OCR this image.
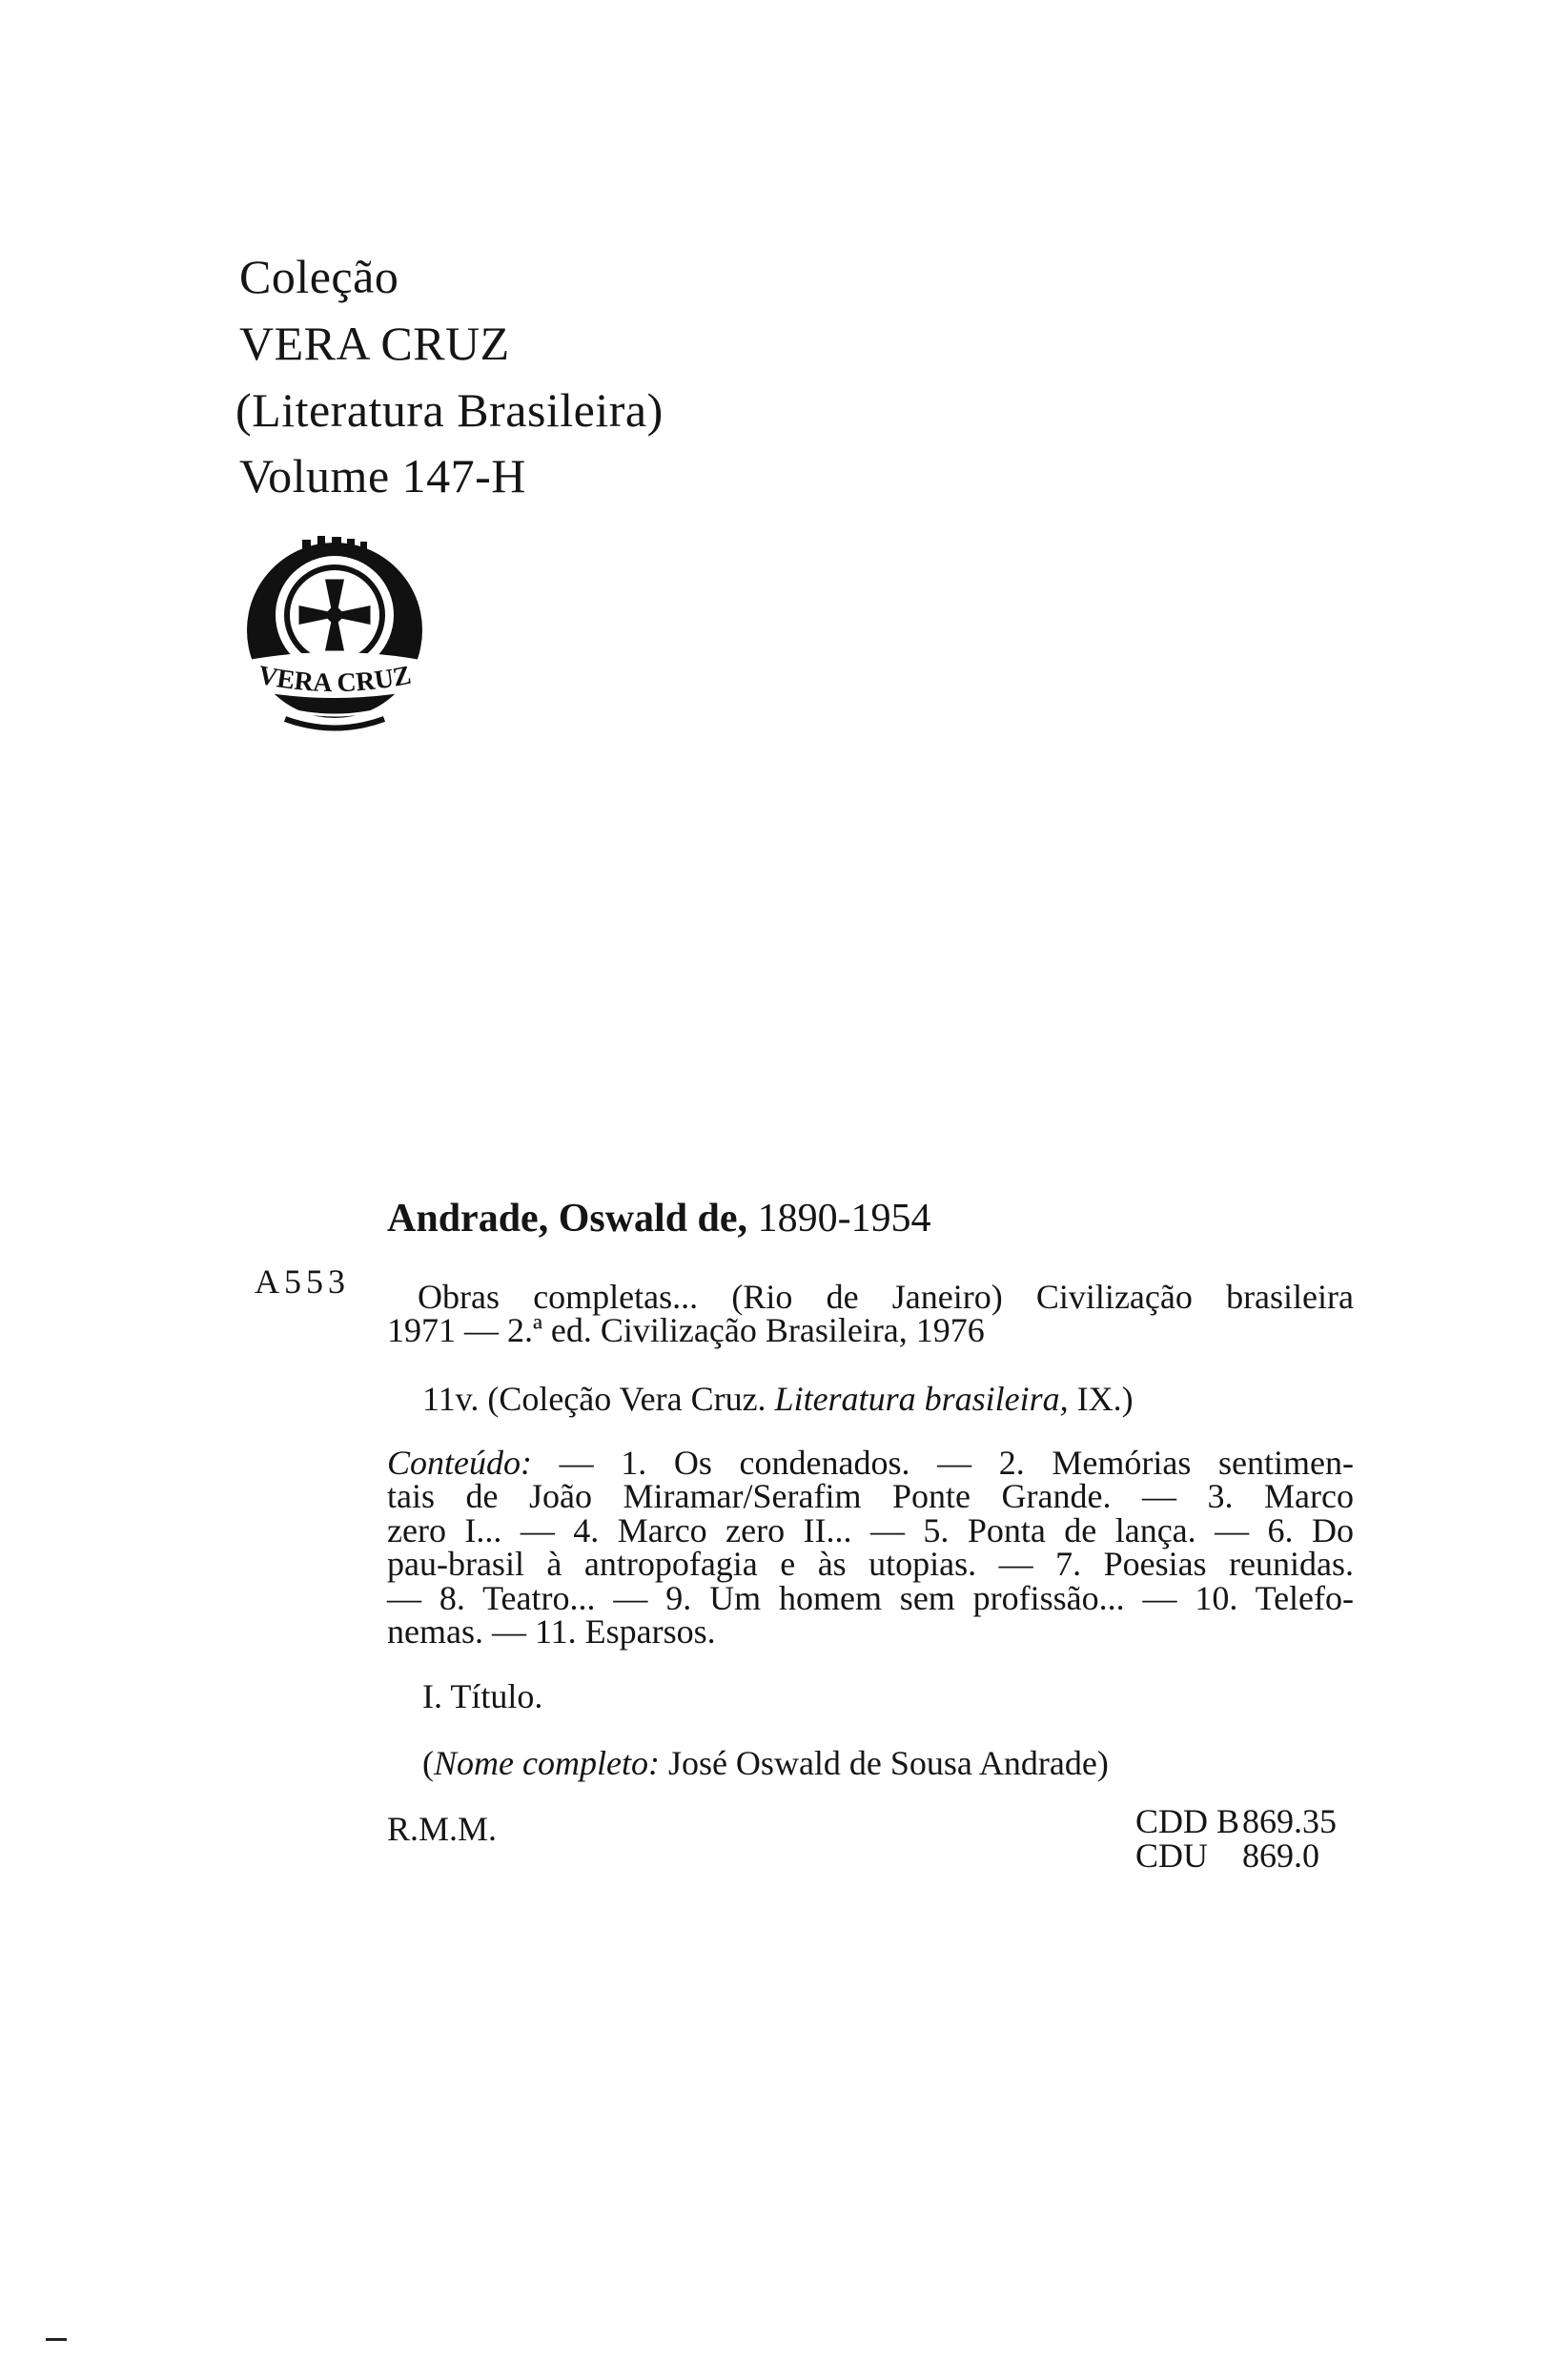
Coleção
VERA CRUZ
(Literatura Brasileira)
Volume 147-H
VERA CRUZ
Andrade, Oswald de, 1890-1954
A553 Obras completas... (Rio de Janeiro) Civilização brasileira
1971 — 2.ª ed. Civilização Brasileira, 1976
11v. (Coleção Vera Cruz. Literatura brasileira, IX.)
Conteúdo: — 1. Os condenados. — 2. Memórias sentimen-
tais de João Miramar/Serafim Ponte Grande. — 3. Marco
zero I... — 4. Marco zero II... — 5. Ponta de lança. — 6. Do
pau-brasil à antropofagia e às utopias. — 7. Poesias reunidas.
— 8. Teatro... — 9. Um homem sem profissão... — 10. Telefo-
nemas. — 11. Esparsos.
I. Título.
(Nome completo: José Oswald de Sousa Andrade)
R.M.M.	CDD B869.35
CDU 869.0
